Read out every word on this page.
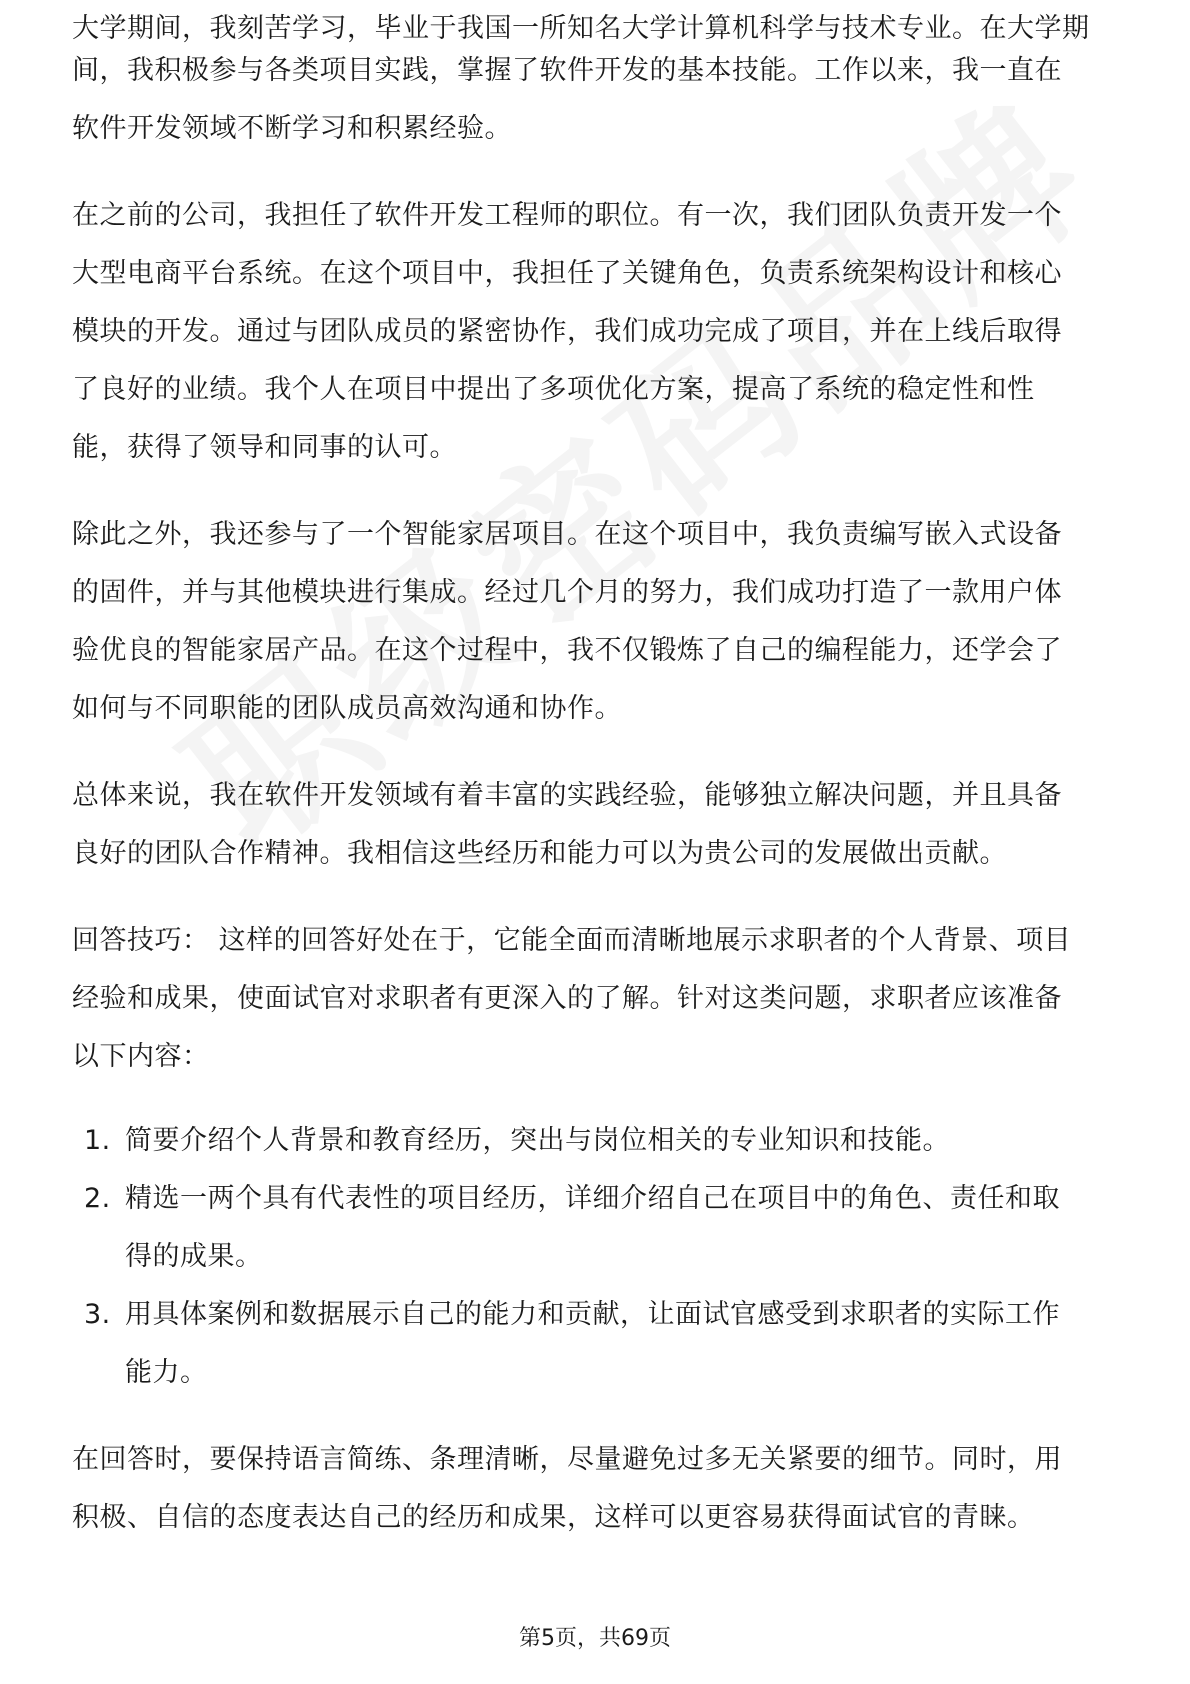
大学期间，我刻苦学习，毕业于我国一所知名大学计算机科学与技术专业。在大学期

间，我积极参与各类项目实践，掌握了软件开发的基本技能。工作以来，我一直在
软件开发领域不断学习和积累经验。

在之前的公司，我担任了软件开发工程师的职位。有一次，我们团队负责开发一个
大型电商平台系统。在这个项目中，我担任了关键角色，负责系统架构设计和核心
模块的开发。通过与团队成员的紧密协作，我们成功完成了项目，并在上线后取得
了良好的业绩。我个人在项目中提出了多项优化方案，提高了系统的稳定性和性
能，获得了领导和同事的认可。

除此之外，我还参与了一个智能家居项目。在这个项目中，我负责编写嵌入式设备
的固件，并与其他模块进行集成。经过几个月的努力，我们成功打造了一款用户体
验优良的智能家居产品。在这个过程中，我不仅锻炼了自己的编程能力，还学会了
如何与不同职能的团队成员高效沟通和协作。

总体来说，我在软件开发领域有着丰富的实践经验，能够独立解决问题，并且具备
良好的团队合作精神。我相信这些经历和能力可以为贵公司的发展做出贡献。

回答技巧： 这样的回答好处在于，它能全面而清晰地展示求职者的个人背景、项目
经验和成果，使面试官对求职者有更深入的了解。针对这类问题，求职者应该准备
以下内容：

1. 简要介绍个人背景和教育经历，突出与岗位相关的专业知识和技能。
2. 精选一两个具有代表性的项目经历，详细介绍自己在项目中的角色、责任和取
得的成果。
3. 用具体案例和数据展示自己的能力和贡献，让面试官感受到求职者的实际工作
能力。

在回答时，要保持语言简练、条理清晰，尽量避免过多无关紧要的细节。同时，用
积极、自信的态度表达自己的经历和成果，这样可以更容易获得面试官的青睐。

第5页，共69页
